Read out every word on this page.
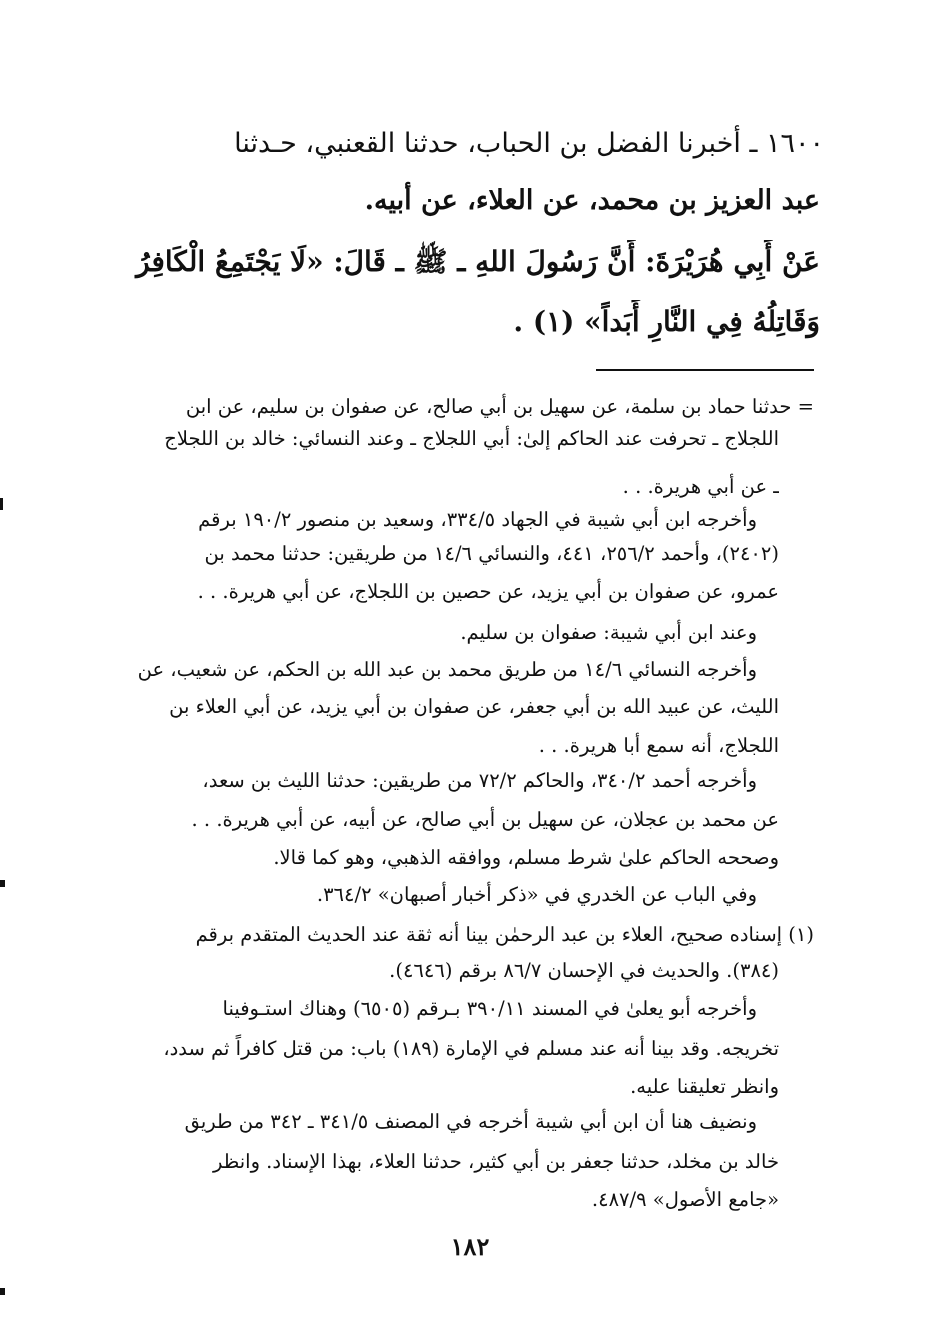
١٦٠٠ ـ أخبرنا الفضل بن الحباب، حدثنا القعنبي، حـدثنا
عبد العزيز بن محمد، عن العلاء، عن أبيه.
عَنْ أَبِي هُرَيْرَةَ: أَنَّ رَسُولَ اللهِ ـ ﷺ ـ قَالَ: «لَا يَجْتَمِعُ الْكَافِرُ
وَقَاتِلُهُ فِي النَّارِ أَبَداً» (١) .
= حدثنا حماد بن سلمة، عن سهيل بن أبي صالح، عن صفوان بن سليم، عن ابن
اللجلاج ـ تحرفت عند الحاكم إلىٰ: أبي اللجلاج ـ وعند النسائي: خالد بن اللجلاج
ـ عن أبي هريرة. . .
وأخرجه ابن أبي شيبة في الجهاد ٣٣٤/٥، وسعيد بن منصور ١٩٠/٢ برقم
(٢٤٠٢)، وأحمد ٢٥٦/٢، ٤٤١، والنسائي ١٤/٦ من طريقين: حدثنا محمد بن
عمرو، عن صفوان بن أبي يزيد، عن حصين بن اللجلاج، عن أبي هريرة. . .
وعند ابن أبي شيبة: صفوان بن سليم.
وأخرجه النسائي ١٤/٦ من طريق محمد بن عبد الله بن الحكم، عن شعيب، عن
الليث، عن عبيد الله بن أبي جعفر، عن صفوان بن أبي يزيد، عن أبي العلاء بن
اللجلاج، أنه سمع أبا هريرة. . .
وأخرجه أحمد ٣٤٠/٢، والحاكم ٧٢/٢ من طريقين: حدثنا الليث بن سعد،
عن محمد بن عجلان، عن سهيل بن أبي صالح، عن أبيه، عن أبي هريرة. . .
وصححه الحاكم علىٰ شرط مسلم، ووافقه الذهبي، وهو كما قالا.
وفي الباب عن الخدري في «ذكر أخبار أصبهان» ٣٦٤/٢.
(١) إسناده صحيح، العلاء بن عبد الرحمٰن بينا أنه ثقة عند الحديث المتقدم برقم
(٣٨٤). والحديث في الإحسان ٨٦/٧ برقم (٤٦٤٦).
وأخرجه أبو يعلىٰ في المسند ٣٩٠/١١ بـرقم (٦٥٠٥) وهناك استـوفينا
تخريجه. وقد بينا أنه عند مسلم في الإمارة (١٨٩) باب: من قتل كافراً ثم سدد،
وانظر تعليقنا عليه.
ونضيف هنا أن ابن أبي شيبة أخرجه في المصنف ٣٤١/٥ ـ ٣٤٢ من طريق
خالد بن مخلد، حدثنا جعفر بن أبي كثير، حدثنا العلاء، بهذا الإسناد. وانظر
«جامع الأصول» ٤٨٧/٩.
١٨٢
